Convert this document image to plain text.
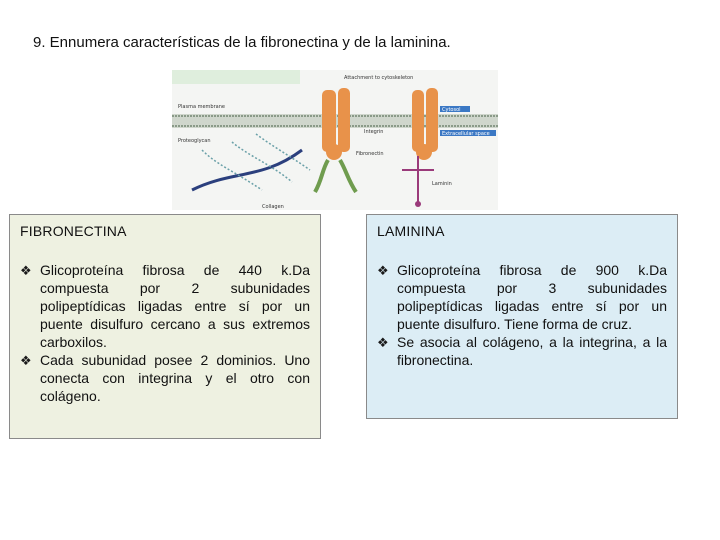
9. Ennumera características de la fibronectina y de la laminina.
Attachment to cytoskeleton
Plasma membrane	Cytosol
Extracellular space
Proteoglycan
Integrin
Fibronectin
Laminin
Collagen
FIBRONECTINA
❖ Glicoproteína fibrosa de 440 k.Da compuesta por 2 subunidades polipeptídicas ligadas entre sí por un puente disulfuro cercano a sus extremos carboxilos.
❖ Cada subunidad posee 2 dominios. Uno conecta con integrina y el otro con colágeno.
LAMININA
❖ Glicoproteína fibrosa de 900 k.Da compuesta por 3 subunidades polipeptídicas ligadas entre sí por un puente disulfuro. Tiene forma de cruz.
❖ Se asocia al colágeno, a la integrina, a la fibronectina.
